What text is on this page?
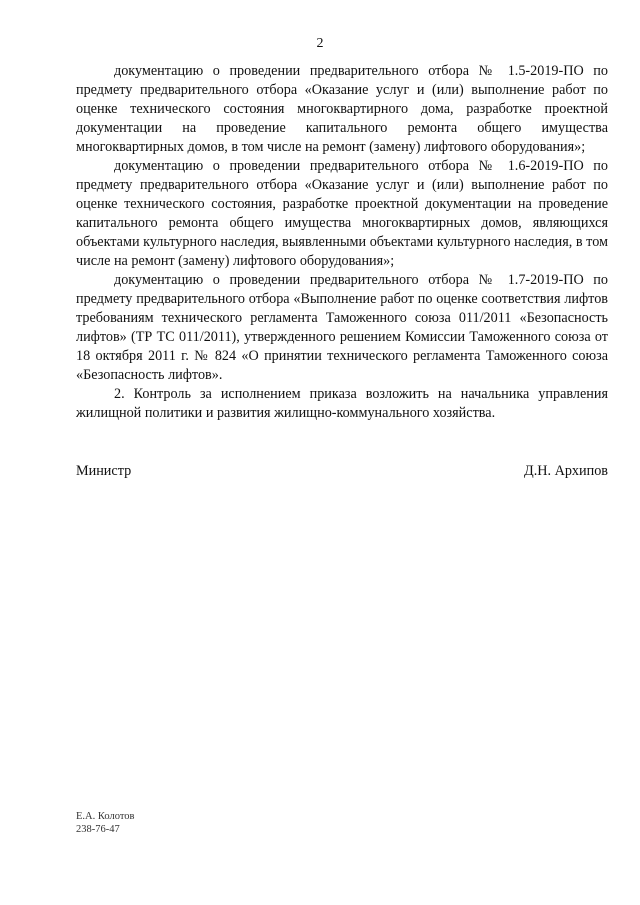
2

документацию о проведении предварительного отбора № 1.5-2019-ПО по предмету предварительного отбора «Оказание услуг и (или) выполнение работ по оценке технического состояния многоквартирного дома, разработке проектной документации на проведение капитального ремонта общего имущества многоквартирных домов, в том числе на ремонт (замену) лифтового оборудования»;

документацию о проведении предварительного отбора № 1.6-2019-ПО по предмету предварительного отбора «Оказание услуг и (или) выполнение работ по оценке технического состояния, разработке проектной документации на проведение капитального ремонта общего имущества многоквартирных домов, являющихся объектами культурного наследия, выявленными объектами культурного наследия, в том числе на ремонт (замену) лифтового оборудования»;

документацию о проведении предварительного отбора № 1.7-2019-ПО по предмету предварительного отбора «Выполнение работ по оценке соответствия лифтов требованиям технического регламента Таможенного союза 011/2011 «Безопасность лифтов» (ТР ТС 011/2011), утвержденного решением Комиссии Таможенного союза от 18 октября 2011 г. № 824 «О принятии технического регламента Таможенного союза «Безопасность лифтов».

2. Контроль за исполнением приказа возложить на начальника управления жилищной политики и развития жилищно-коммунального хозяйства.

Министр	Д.Н. Архипов
Е.А. Колотов
238-76-47
